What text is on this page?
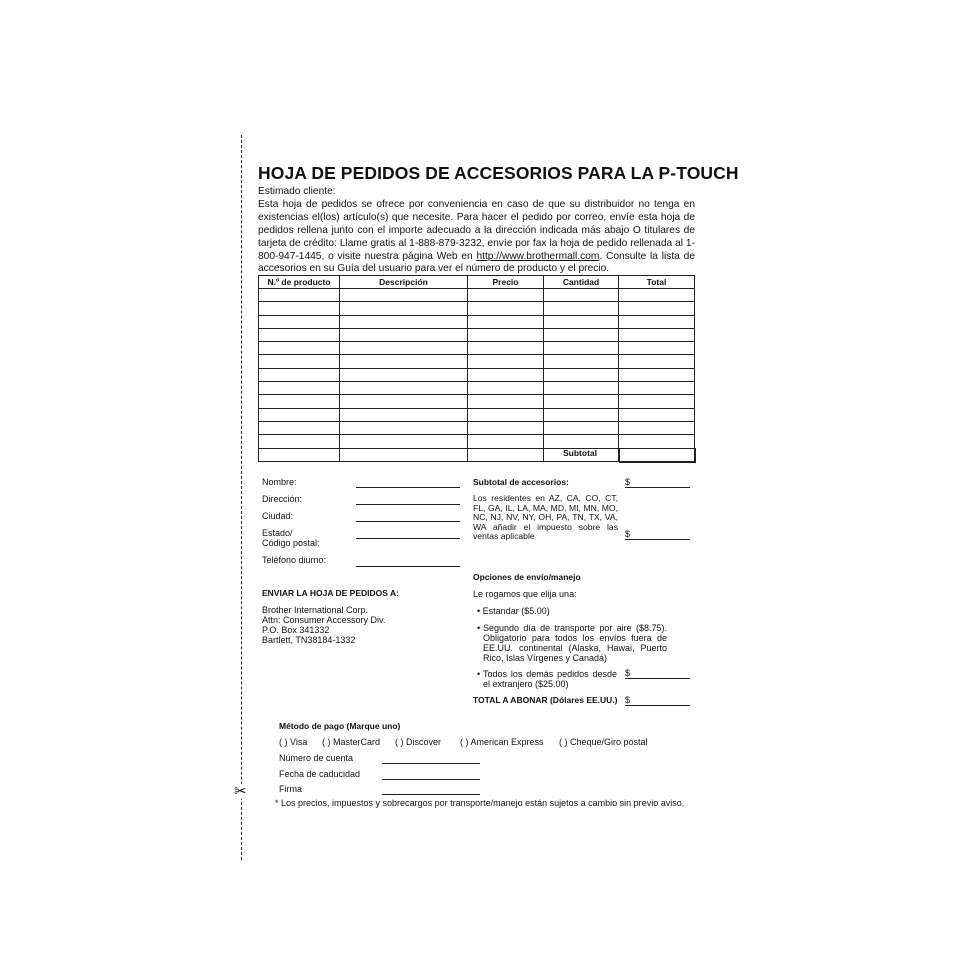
✂
HOJA DE PEDIDOS DE ACCESORIOS PARA LA P-TOUCH

Estimado cliente:

Esta hoja de pedidos se ofrece por conveniencia en caso de que su distribuidor no tenga en existencias el(los) artículo(s) que necesite. Para hacer el pedido por correo, envíe esta hoja de pedidos rellena junto con el importe adecuado a la dirección indicada más abajo O titulares de tarjeta de crédito: Llame gratis al 1-888-879-3232, envíe por fax la hoja de pedido rellenada al 1-800-947-1445, o visite nuestra página Web en http://www.brothermall.com. Consulte la lista de accesorios en su Guía del usuario para ver el número de producto y el precio.

N.º de producto	Descripción	Precio	Cantidad	Total

Subtotal
Nombre:
Dirección:
Ciudad:
Estado/
Código postal:
Teléfono diurno:
ENVIAR LA HOJA DE PEDIDOS A:
Brother International Corp.
Attn: Consumer Accessory Div.
P.O. Box 341332
Bartlett, TN38184-1332
Subtotal de accesorios:	$
Los residentes en AZ, CA, CO, CT, FL, GA, IL, LA, MA, MD, MI, MN, MO, NC, NJ, NV, NY, OH, PA, TN, TX, VA, WA añadir el impuesto sobre las ventas aplicable	$
Opciones de envío/manejo
Le rogamos que elija una:
• Estandar ($5.00)
• Segundo día de transporte por aire ($8.75). Obligatorio para todos los envíos fuera de EE.UU. continental (Alaska, Hawai, Puerto Rico, Islas Vírgenes y Canadá)
• Todos los demás pedidos desde el extranjero ($25.00)
$
TOTAL A ABONAR (Dólares EE.UU.) $
Método de pago (Marque uno)
( ) Visa ( ) MasterCard ( ) Discover ( ) American Express ( ) Cheque/Giro postal
Número de cuenta
Fecha de caducidad
Firma
* Los precios, impuestos y sobrecargos por transporte/manejo están sujetos a cambio sin previo aviso.
